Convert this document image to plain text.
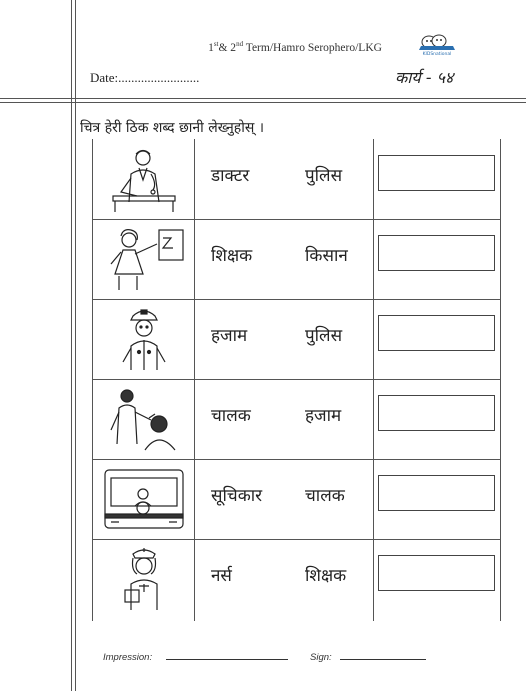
1st& 2nd Term/Hamro Serophero/LKG
KIDSnational
Date:.........................	कार्य - ५४
चित्र हेरी ठिक शब्द छानी लेख्नुहोस् ।
डाक्टर	पुलिस
शिक्षक	किसान
हजाम	पुलिस
चालक	हजाम
सूचिकार	चालक
नर्स	शिक्षक
Impression:	Sign:
